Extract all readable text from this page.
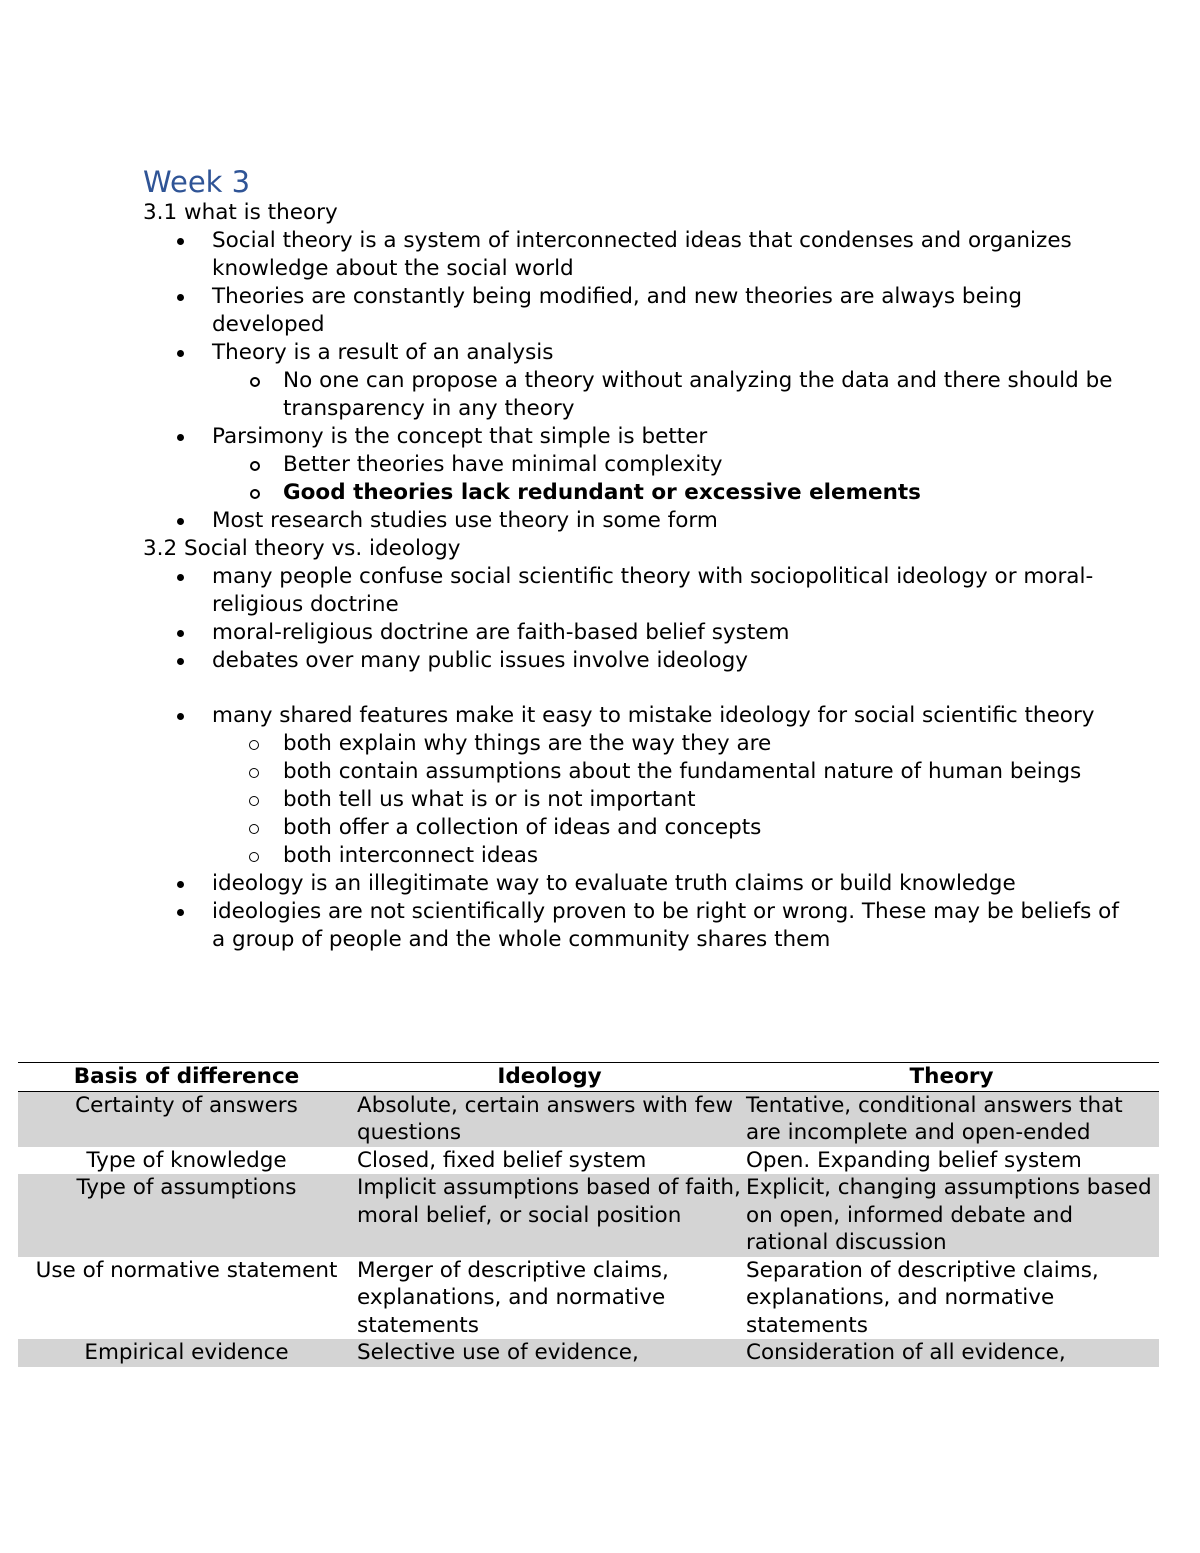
Week 3
3.1 what is theory
Social theory is a system of interconnected ideas that condenses and organizes knowledge about the social world
Theories are constantly being modified, and new theories are always being developed
Theory is a result of an analysis
No one can propose a theory without analyzing the data and there should be transparency in any theory
Parsimony is the concept that simple is better
Better theories have minimal complexity
Good theories lack redundant or excessive elements
Most research studies use theory in some form
3.2 Social theory vs. ideology
many people confuse social scientific theory with sociopolitical ideology or moral-religious doctrine
moral-religious doctrine are faith-based belief system
debates over many public issues involve ideology
many shared features make it easy to mistake ideology for social scientific theory
both explain why things are the way they are
both contain assumptions about the fundamental nature of human beings
both tell us what is or is not important
both offer a collection of ideas and concepts
both interconnect ideas
ideology is an illegitimate way to evaluate truth claims or build knowledge
ideologies are not scientifically proven to be right or wrong. These may be beliefs of a group of people and the whole community shares them
Basis of difference	Ideology	Theory
Certainty of answers	Absolute, certain answers with few questions	Tentative, conditional answers that are incomplete and open-ended
Type of knowledge	Closed, fixed belief system	Open. Expanding belief system
Type of assumptions	Implicit assumptions based of faith, moral belief, or social position	Explicit, changing assumptions based on open, informed debate and rational discussion
Use of normative statement	Merger of descriptive claims, explanations, and normative statements	Separation of descriptive claims, explanations, and normative statements
Empirical evidence	Selective use of evidence,	Consideration of all evidence,
